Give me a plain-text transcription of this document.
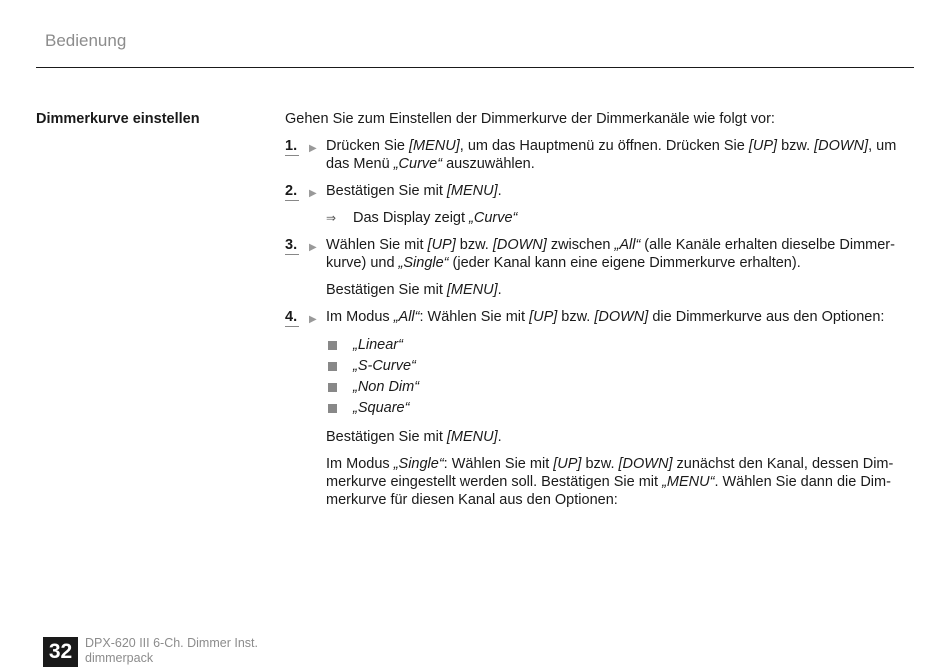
Bedienung
Dimmerkurve einstellen	Gehen Sie zum Einstellen der Dimmerkurve der Dimmerkanäle wie folgt vor:

1. ▶ Drücken Sie [MENU], um das Hauptmenü zu öffnen. Drücken Sie [UP] bzw. [DOWN], um das Menü „Curve“ auszuwählen.

2. ▶ Bestätigen Sie mit [MENU].

⇒ Das Display zeigt „Curve“

3. ▶ Wählen Sie mit [UP] bzw. [DOWN] zwischen „All“ (alle Kanäle erhalten dieselbe Dimmer-kurve) und „Single“ (jeder Kanal kann eine eigene Dimmerkurve erhalten).

Bestätigen Sie mit [MENU].

4. ▶ Im Modus „All“: Wählen Sie mit [UP] bzw. [DOWN] die Dimmerkurve aus den Optionen:

„Linear“
„S-Curve“
„Non Dim“
„Square“

Bestätigen Sie mit [MENU].

Im Modus „Single“: Wählen Sie mit [UP] bzw. [DOWN] zunächst den Kanal, dessen Dim-merkurve eingestellt werden soll. Bestätigen Sie mit „MENU“. Wählen Sie dann die Dim-merkurve für diesen Kanal aus den Optionen:

32	DPX-620 III 6-Ch. Dimmer Inst.
dimmerpack
